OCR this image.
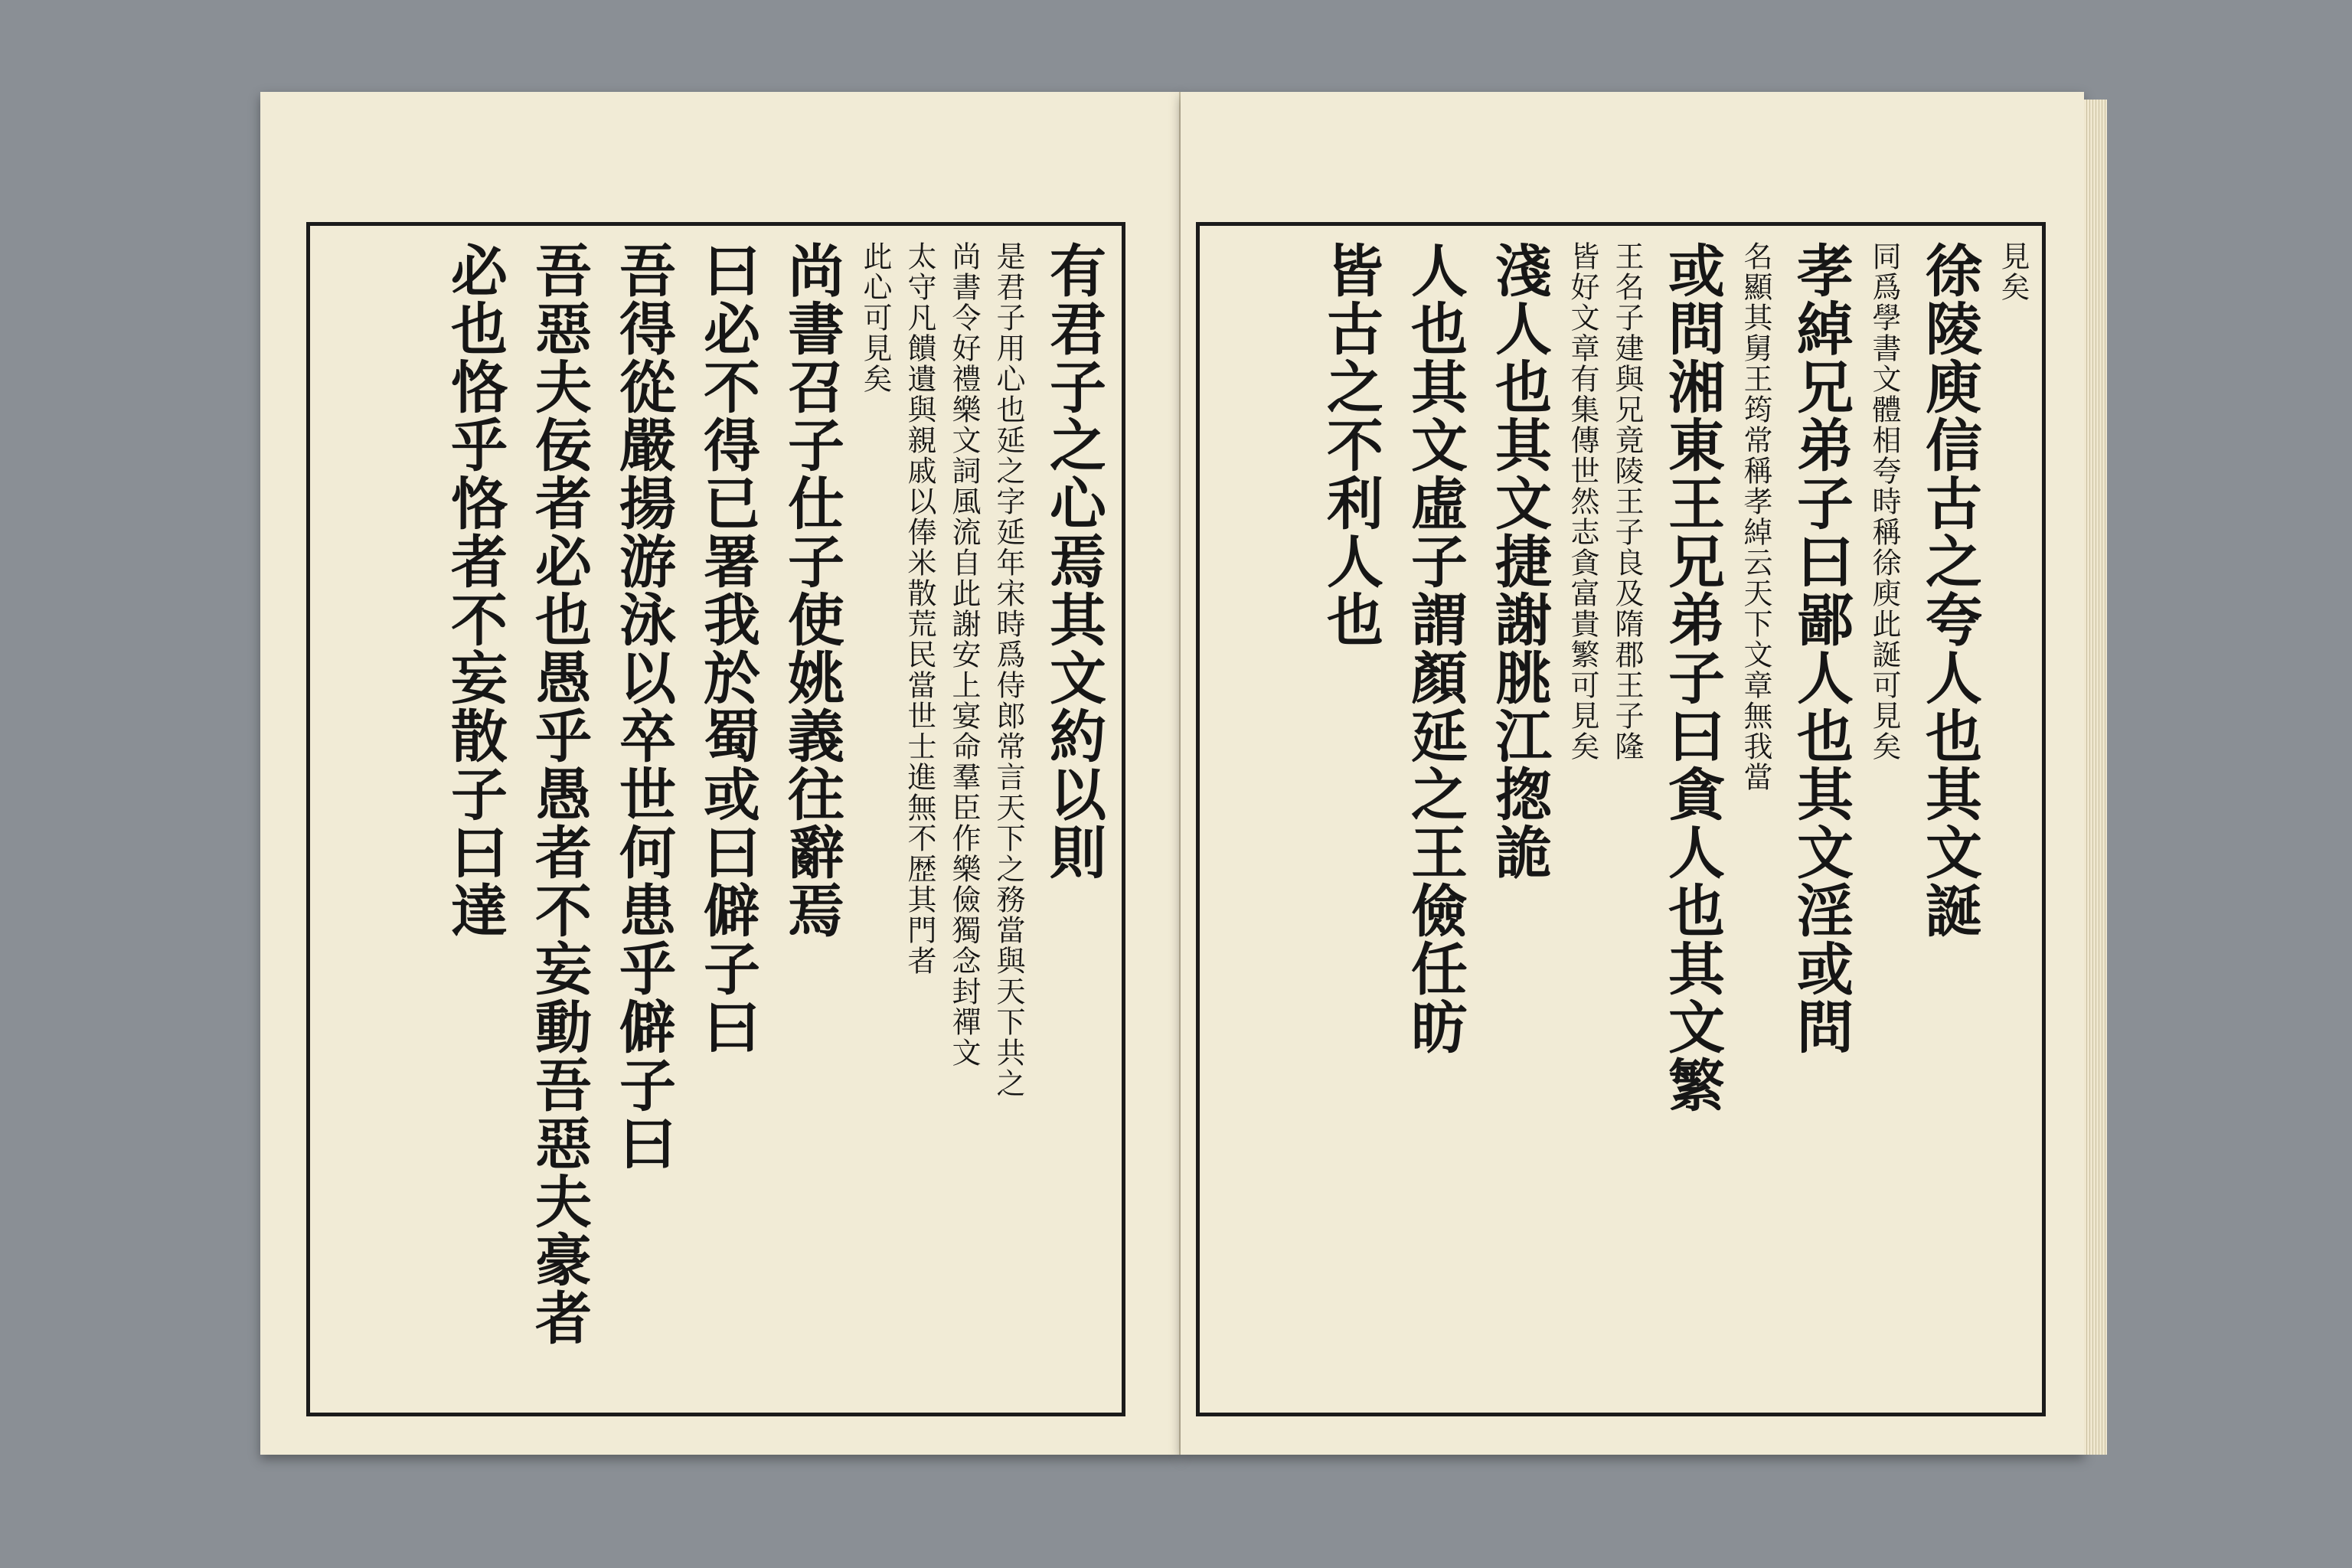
有君子之心焉其文約以則
是君子用心也延之字延年宋時爲侍郎常言天下之務當與天下共之
尚書令好禮樂文詞風流自此謝安上宴命羣臣作樂儉獨念封禪文
太守凡饋遺與親戚以俸米散荒民當世士進無不歴其門者
此心可見矣
尚書召子仕子使姚義往辭焉
曰必不得已署我於蜀或曰僻子曰
吾得從嚴揚游泳以卒世何患乎僻子曰
吾惡夫佞者必也愚乎愚者不妄動吾惡夫豪者
必也恪乎恪者不妄散子曰達	見矣
徐陵庾信古之夸人也其文誕
同爲學書文體相夸時稱徐庾此誕可見矣
孝綽兄弟子曰鄙人也其文淫或問
名顯其舅王筠常稱孝綽云天下文章無我當
或問湘東王兄弟子曰貪人也其文繁
王名子建與兄竟陵王子良及隋郡王子隆
皆好文章有集傳世然志貪富貴繁可見矣
淺人也其文捷謝朓江揔詭
人也其文虛子謂顏延之王儉任昉
皆古之不利人也
